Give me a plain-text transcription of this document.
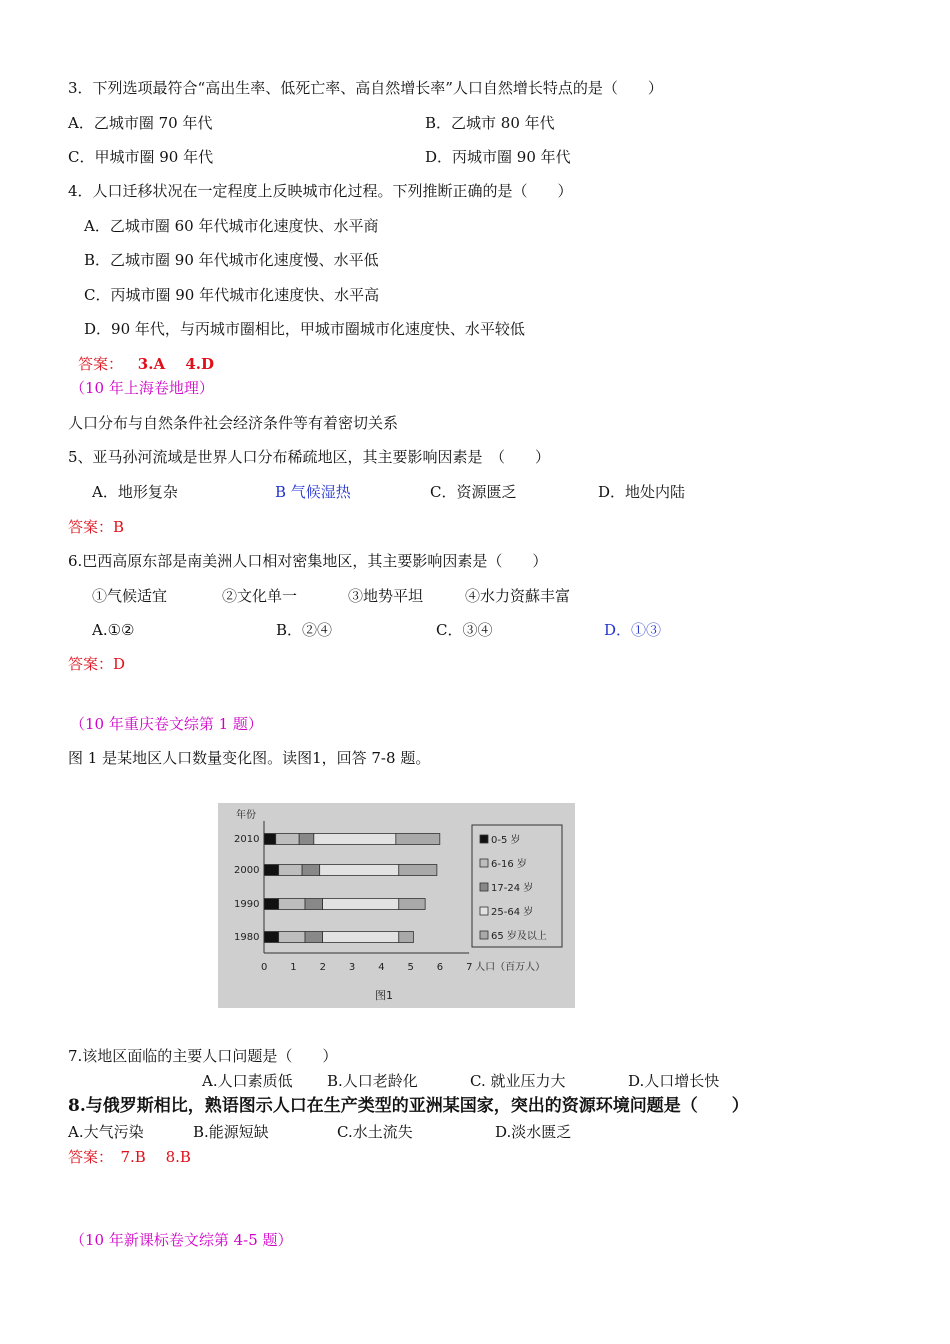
3．下列选项最符合“高出生率、低死亡率、高自然增长率”人口自然增长特点的是（　　）
A．乙城市圈 70 年代	B．乙城市 80 年代
C．甲城市圈 90 年代	D．丙城市圈 90 年代
4．人口迁移状况在一定程度上反映城市化过程。下列推断正确的是（　　）
A．乙城市圈 60 年代城市化速度快、水平商
B．乙城市圈 90 年代城市化速度慢、水平低
C．丙城市圈 90 年代城市化速度快、水平高
D．90 年代，与丙城市圈相比，甲城市圈城市化速度快、水平较低
答案： 3.A　 4.D
（10 年上海卷地理）
人口分布与自然条件社会经济条件等有着密切关系
5、亚马孙河流域是世界人口分布稀疏地区，其主要影响因素是　（　　）
A．地形复杂	B 气候湿热	C．资源匮乏	D．地处内陆
答案：B
6.巴西高原东部是南美洲人口相对密集地区，其主要影响因素是（　　）
①气候适宜	②文化单一	③地势平坦	④水力资蘇丰富
A.①②	B．②④	C．③④	D．①③
答案：D
（10 年重庆卷文综第 1 题）
图 1 是某地区人口数量变化图。读图1，回答 7-8 题。
年份
2010
2000
1990
1980
0 1 2 3 4 5 6 7 人口（百万人）
图1
0-5 岁
6-16 岁
17-24 岁
25-64 岁
65 岁及以上
7.该地区面临的主要人口问题是（　　）
A.人口素质低 B.人口老龄化	C. 就业压力大	D.人口增长快
8.与俄罗斯相比，熟语图示人口在生产类型的亚洲某国家，突出的资源环境问题是（　　）
A.大气污染	B.能源短缺	C.水土流失	D.淡水匮乏
答案：　7.B　 8.B
（10 年新课标卷文综第 4-5 题）
